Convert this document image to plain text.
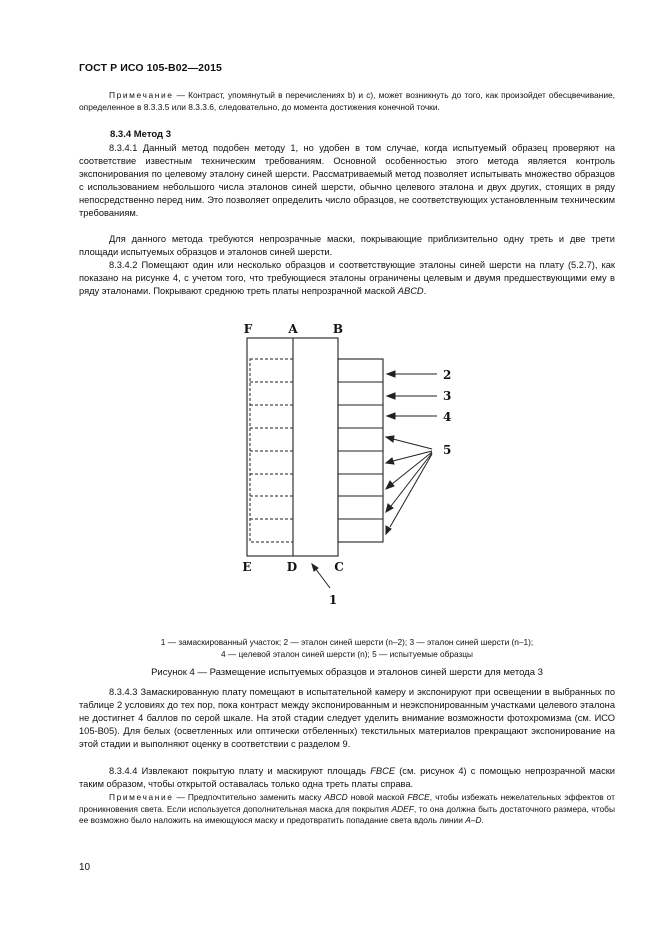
ГОСТ Р ИСО 105-В02—2015
Примечание — Контраст, упомянутый в перечислениях b) и c), может возникнуть до того, как произойдет обесцвечивание, определенное в 8.3.3.5 или 8.3.3.6, следовательно, до момента достижения конечной точки.
8.3.4 Метод 3
8.3.4.1 Данный метод подобен методу 1, но удобен в том случае, когда испытуемый образец проверяют на соответствие известным техническим требованиям. Основной особенностью этого метода является контроль экспонирования по целевому эталону синей шерсти. Рассматриваемый метод позволяет испытывать множество образцов с использованием небольшого числа эталонов синей шерсти, обычно целевого эталона и двух других, стоящих в ряду непосредственно перед ним. Это позволяет определить число образцов, не соответствующих установленным техническим требованиям.
Для данного метода требуются непрозрачные маски, покрывающие приблизительно одну треть и две трети площади испытуемых образцов и эталонов синей шерсти.
8.3.4.2 Помещают один или несколько образцов и соответствующие эталоны синей шерсти на плату (5.2.7), как показано на рисунке 4, с учетом того, что требующиеся эталоны ограничены целевым и двумя предшествующими ему в ряду эталонами. Покрывают среднюю треть платы непрозрачной маской ABCD.
F	A	B
E	D	C
2
3
4
5
1
1 — замаскированный участок; 2 — эталон синей шерсти (n–2); 3 — эталон синей шерсти (n–1);
4 — целевой эталон синей шерсти (n); 5 — испытуемые образцы
Рисунок 4 — Размещение испытуемых образцов и эталонов синей шерсти для метода 3
8.3.4.3 Замаскированную плату помещают в испытательной камеру и экспонируют при освещении в выбранных по таблице 2 условиях до тех пор, пока контраст между экспонированным и неэкспонированным участками целевого эталона не достигнет 4 баллов по серой шкале. На этой стадии следует уделить внимание возможности фотохромизма (см. ИСО 105-В05). Для белых (осветленных или оптически отбеленных) текстильных материалов прекращают экспонирование на этой стадии и выполняют оценку в соответствии с разделом 9.
8.3.4.4 Извлекают покрытую плату и маскируют площадь FBCE (см. рисунок 4) с помощью непрозрачной маски таким образом, чтобы открытой оставалась только одна треть платы справа.
Примечание — Предпочтительно заменить маску ABCD новой маской FBCE, чтобы избежать нежелательных эффектов от проникновения света. Если используется дополнительная маска для покрытия ADEF, то она должна быть достаточного размера, чтобы ее возможно было наложить на имеющуюся маску и предотвратить попадание света вдоль линии A–D.
10
